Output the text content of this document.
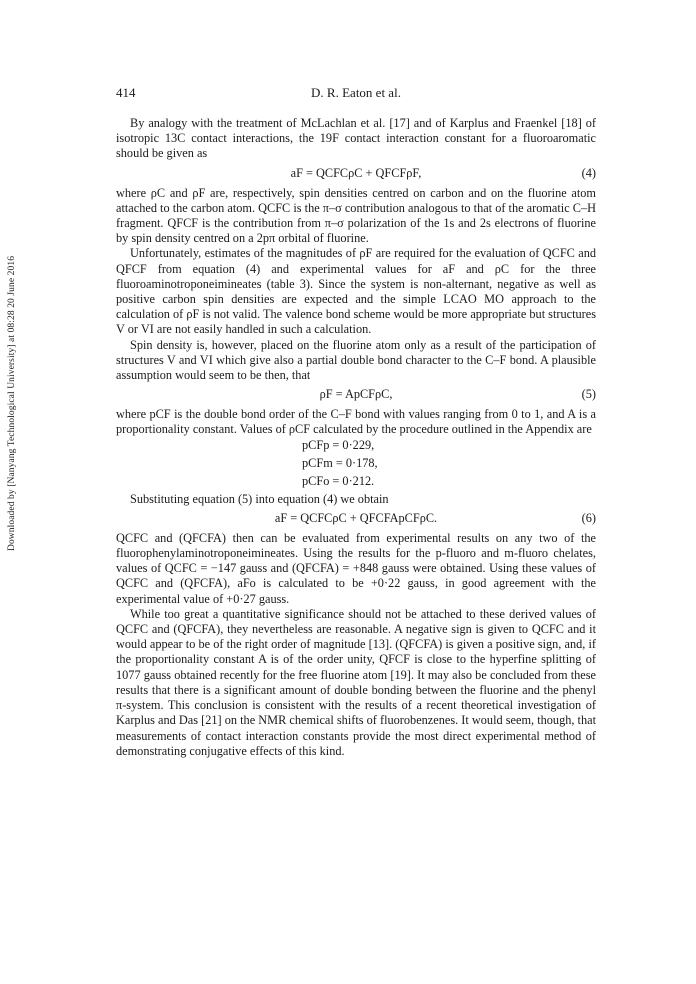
Downloaded by [Nanyang Technological University] at 08:28 20 June 2016
414	D. R. Eaton et al.

By analogy with the treatment of McLachlan et al. [17] and of Karplus and Fraenkel [18] of isotropic 13C contact interactions, the 19F contact interaction constant for a fluoroaromatic should be given as

aF = QCFCρC + QFCFρF,	(4)

where ρC and ρF are, respectively, spin densities centred on carbon and on the fluorine atom attached to the carbon atom. QCFC is the π–σ contribution analogous to that of the aromatic C–H fragment. QFCF is the contribution from π–σ polarization of the 1s and 2s electrons of fluorine by spin density centred on a 2pπ orbital of fluorine.

Unfortunately, estimates of the magnitudes of ρF are required for the evaluation of QCFC and QFCF from equation (4) and experimental values for aF and ρC for the three fluoroaminotroponeimineates (table 3). Since the system is non-alternant, negative as well as positive carbon spin densities are expected and the simple LCAO MO approach to the calculation of ρF is not valid. The valence bond scheme would be more appropriate but structures V or VI are not easily handled in such a calculation.

Spin density is, however, placed on the fluorine atom only as a result of the participation of structures V and VI which give also a partial double bond character to the C–F bond. A plausible assumption would seem to be then, that

ρF = ApCFρC,	(5)

where pCF is the double bond order of the C–F bond with values ranging from 0 to 1, and A is a proportionality constant. Values of ρCF calculated by the procedure outlined in the Appendix are

pCFp = 0·229,
pCFm = 0·178,
pCFo = 0·212.

Substituting equation (5) into equation (4) we obtain

aF = QCFCρC + QFCFApCFρC.	(6)

QCFC and (QFCFA) then can be evaluated from experimental results on any two of the fluorophenylaminotroponeimineates. Using the results for the p-fluoro and m-fluoro chelates, values of QCFC = −147 gauss and (QFCFA) = +848 gauss were obtained. Using these values of QCFC and (QFCFA), aFo is calculated to be +0·22 gauss, in good agreement with the experimental value of +0·27 gauss.

While too great a quantitative significance should not be attached to these derived values of QCFC and (QFCFA), they nevertheless are reasonable. A negative sign is given to QCFC and it would appear to be of the right order of magnitude [13]. (QFCFA) is given a positive sign, and, if the proportionality constant A is of the order unity, QFCF is close to the hyperfine splitting of 1077 gauss obtained recently for the free fluorine atom [19]. It may also be concluded from these results that there is a significant amount of double bonding between the fluorine and the phenyl π-system. This conclusion is consistent with the results of a recent theoretical investigation of Karplus and Das [21] on the NMR chemical shifts of fluorobenzenes. It would seem, though, that measurements of contact interaction constants provide the most direct experimental method of demonstrating conjugative effects of this kind.
